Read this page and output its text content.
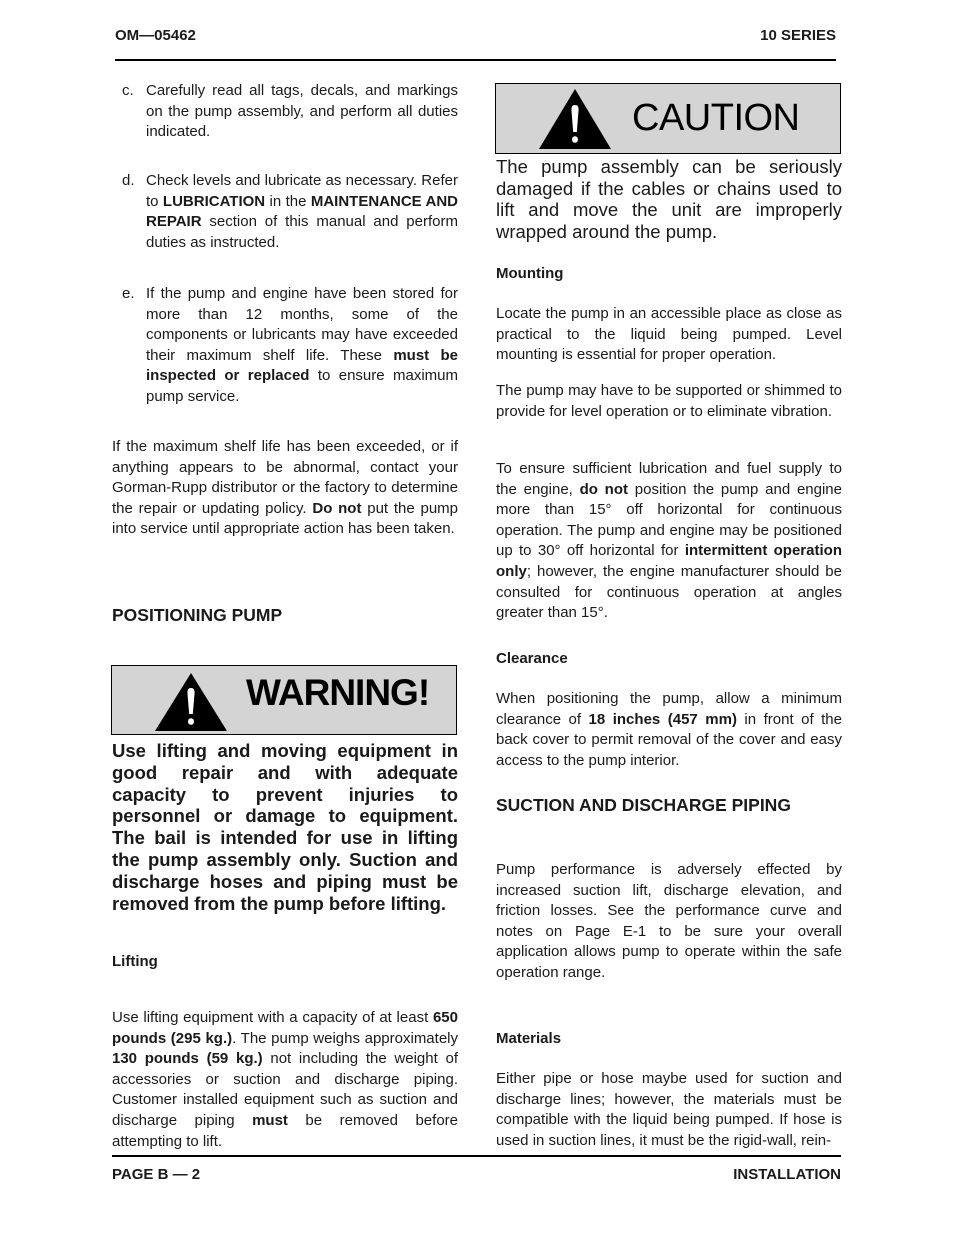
OM—05462	10 SERIES
c. Carefully read all tags, decals, and markings on the pump assembly, and perform all duties indicated.
d. Check levels and lubricate as necessary. Refer to LUBRICATION in the MAINTENANCE AND REPAIR section of this manual and perform duties as instructed.
e. If the pump and engine have been stored for more than 12 months, some of the components or lubricants may have exceeded their maximum shelf life. These must be inspected or replaced to ensure maximum pump service.
If the maximum shelf life has been exceeded, or if anything appears to be abnormal, contact your Gorman-Rupp distributor or the factory to determine the repair or updating policy. Do not put the pump into service until appropriate action has been taken.
POSITIONING PUMP
WARNING!
Use lifting and moving equipment in good repair and with adequate capacity to prevent injuries to personnel or damage to equipment. The bail is intended for use in lifting the pump assembly only. Suction and discharge hoses and piping must be removed from the pump before lifting.
Lifting
Use lifting equipment with a capacity of at least 650 pounds (295 kg.). The pump weighs approximately 130 pounds (59 kg.) not including the weight of accessories or suction and discharge piping. Customer installed equipment such as suction and discharge piping must be removed before attempting to lift.
CAUTION
The pump assembly can be seriously damaged if the cables or chains used to lift and move the unit are improperly wrapped around the pump.
Mounting
Locate the pump in an accessible place as close as practical to the liquid being pumped. Level mounting is essential for proper operation.
The pump may have to be supported or shimmed to provide for level operation or to eliminate vibration.
To ensure sufficient lubrication and fuel supply to the engine, do not position the pump and engine more than 15° off horizontal for continuous operation. The pump and engine may be positioned up to 30° off horizontal for intermittent operation only; however, the engine manufacturer should be consulted for continuous operation at angles greater than 15°.
Clearance
When positioning the pump, allow a minimum clearance of 18 inches (457 mm) in front of the back cover to permit removal of the cover and easy access to the pump interior.
SUCTION AND DISCHARGE PIPING
Pump performance is adversely effected by increased suction lift, discharge elevation, and friction losses. See the performance curve and notes on Page E-1 to be sure your overall application allows pump to operate within the safe operation range.
Materials
Either pipe or hose maybe used for suction and discharge lines; however, the materials must be compatible with the liquid being pumped. If hose is used in suction lines, it must be the rigid-wall, rein-
PAGE B — 2	INSTALLATION
